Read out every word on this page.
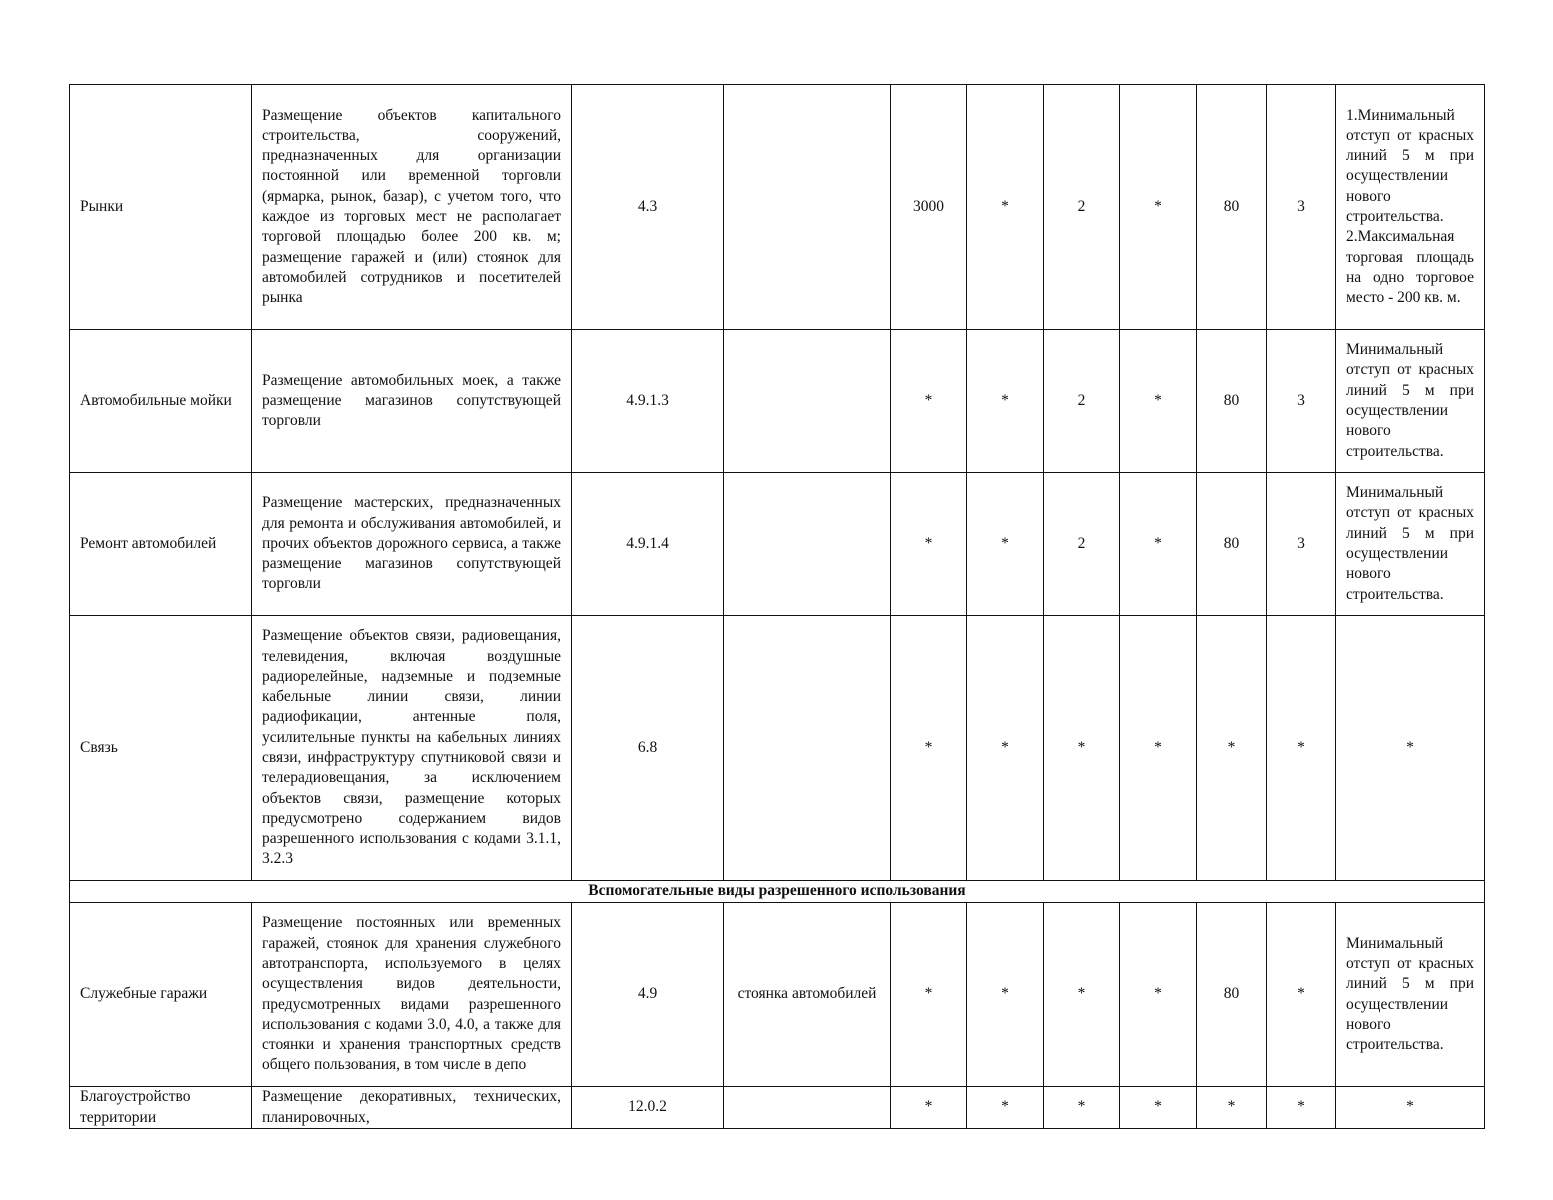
Рынки	Размещение объектов капитального строительства, сооружений, предназначенных для организации постоянной или временной торговли (ярмарка, рынок, базар), с учетом того, что каждое из торговых мест не располагает торговой площадью более 200 кв. м; размещение гаражей и (или) стоянок для автомобилей сотрудников и посетителей рынка	4.3		3000	*	2	*	80	3	1.Минимальный отступ от красных линий 5 м при осуществлении нового строительства.
2.Максимальная торговая площадь на одно торговое место - 200 кв. м.
Автомобильные мойки	Размещение автомобильных моек, а также размещение магазинов сопутствующей торговли	4.9.1.3		*	*	2	*	80	3	Минимальный отступ от красных линий 5 м при осуществлении нового строительства.
Ремонт автомобилей	Размещение мастерских, предназначенных для ремонта и обслуживания автомобилей, и прочих объектов дорожного сервиса, а также размещение магазинов сопутствующей торговли	4.9.1.4		*	*	2	*	80	3	Минимальный отступ от красных линий 5 м при осуществлении нового строительства.
Связь	Размещение объектов связи, радиовещания, телевидения, включая воздушные радиорелейные, надземные и подземные кабельные линии связи, линии радиофикации, антенные поля, усилительные пункты на кабельных линиях связи, инфраструктуру спутниковой связи и телерадиовещания, за исключением объектов связи, размещение которых предусмотрено содержанием видов разрешенного использования с кодами 3.1.1, 3.2.3	6.8		*	*	*	*	*	*	*
Вспомогательные виды разрешенного использования										
Служебные гаражи	Размещение постоянных или временных гаражей, стоянок для хранения служебного автотранспорта, используемого в целях осуществления видов деятельности, предусмотренных видами разрешенного использования с кодами 3.0, 4.0, а также для стоянки и хранения транспортных средств общего пользования, в том числе в депо	4.9	стоянка автомобилей	*	*	*	*	80	*	Минимальный отступ от красных линий 5 м при осуществлении нового строительства.
Благоустройство территории	Размещение декоративных, технических, планировочных,	12.0.2		*	*	*	*	*	*	*
